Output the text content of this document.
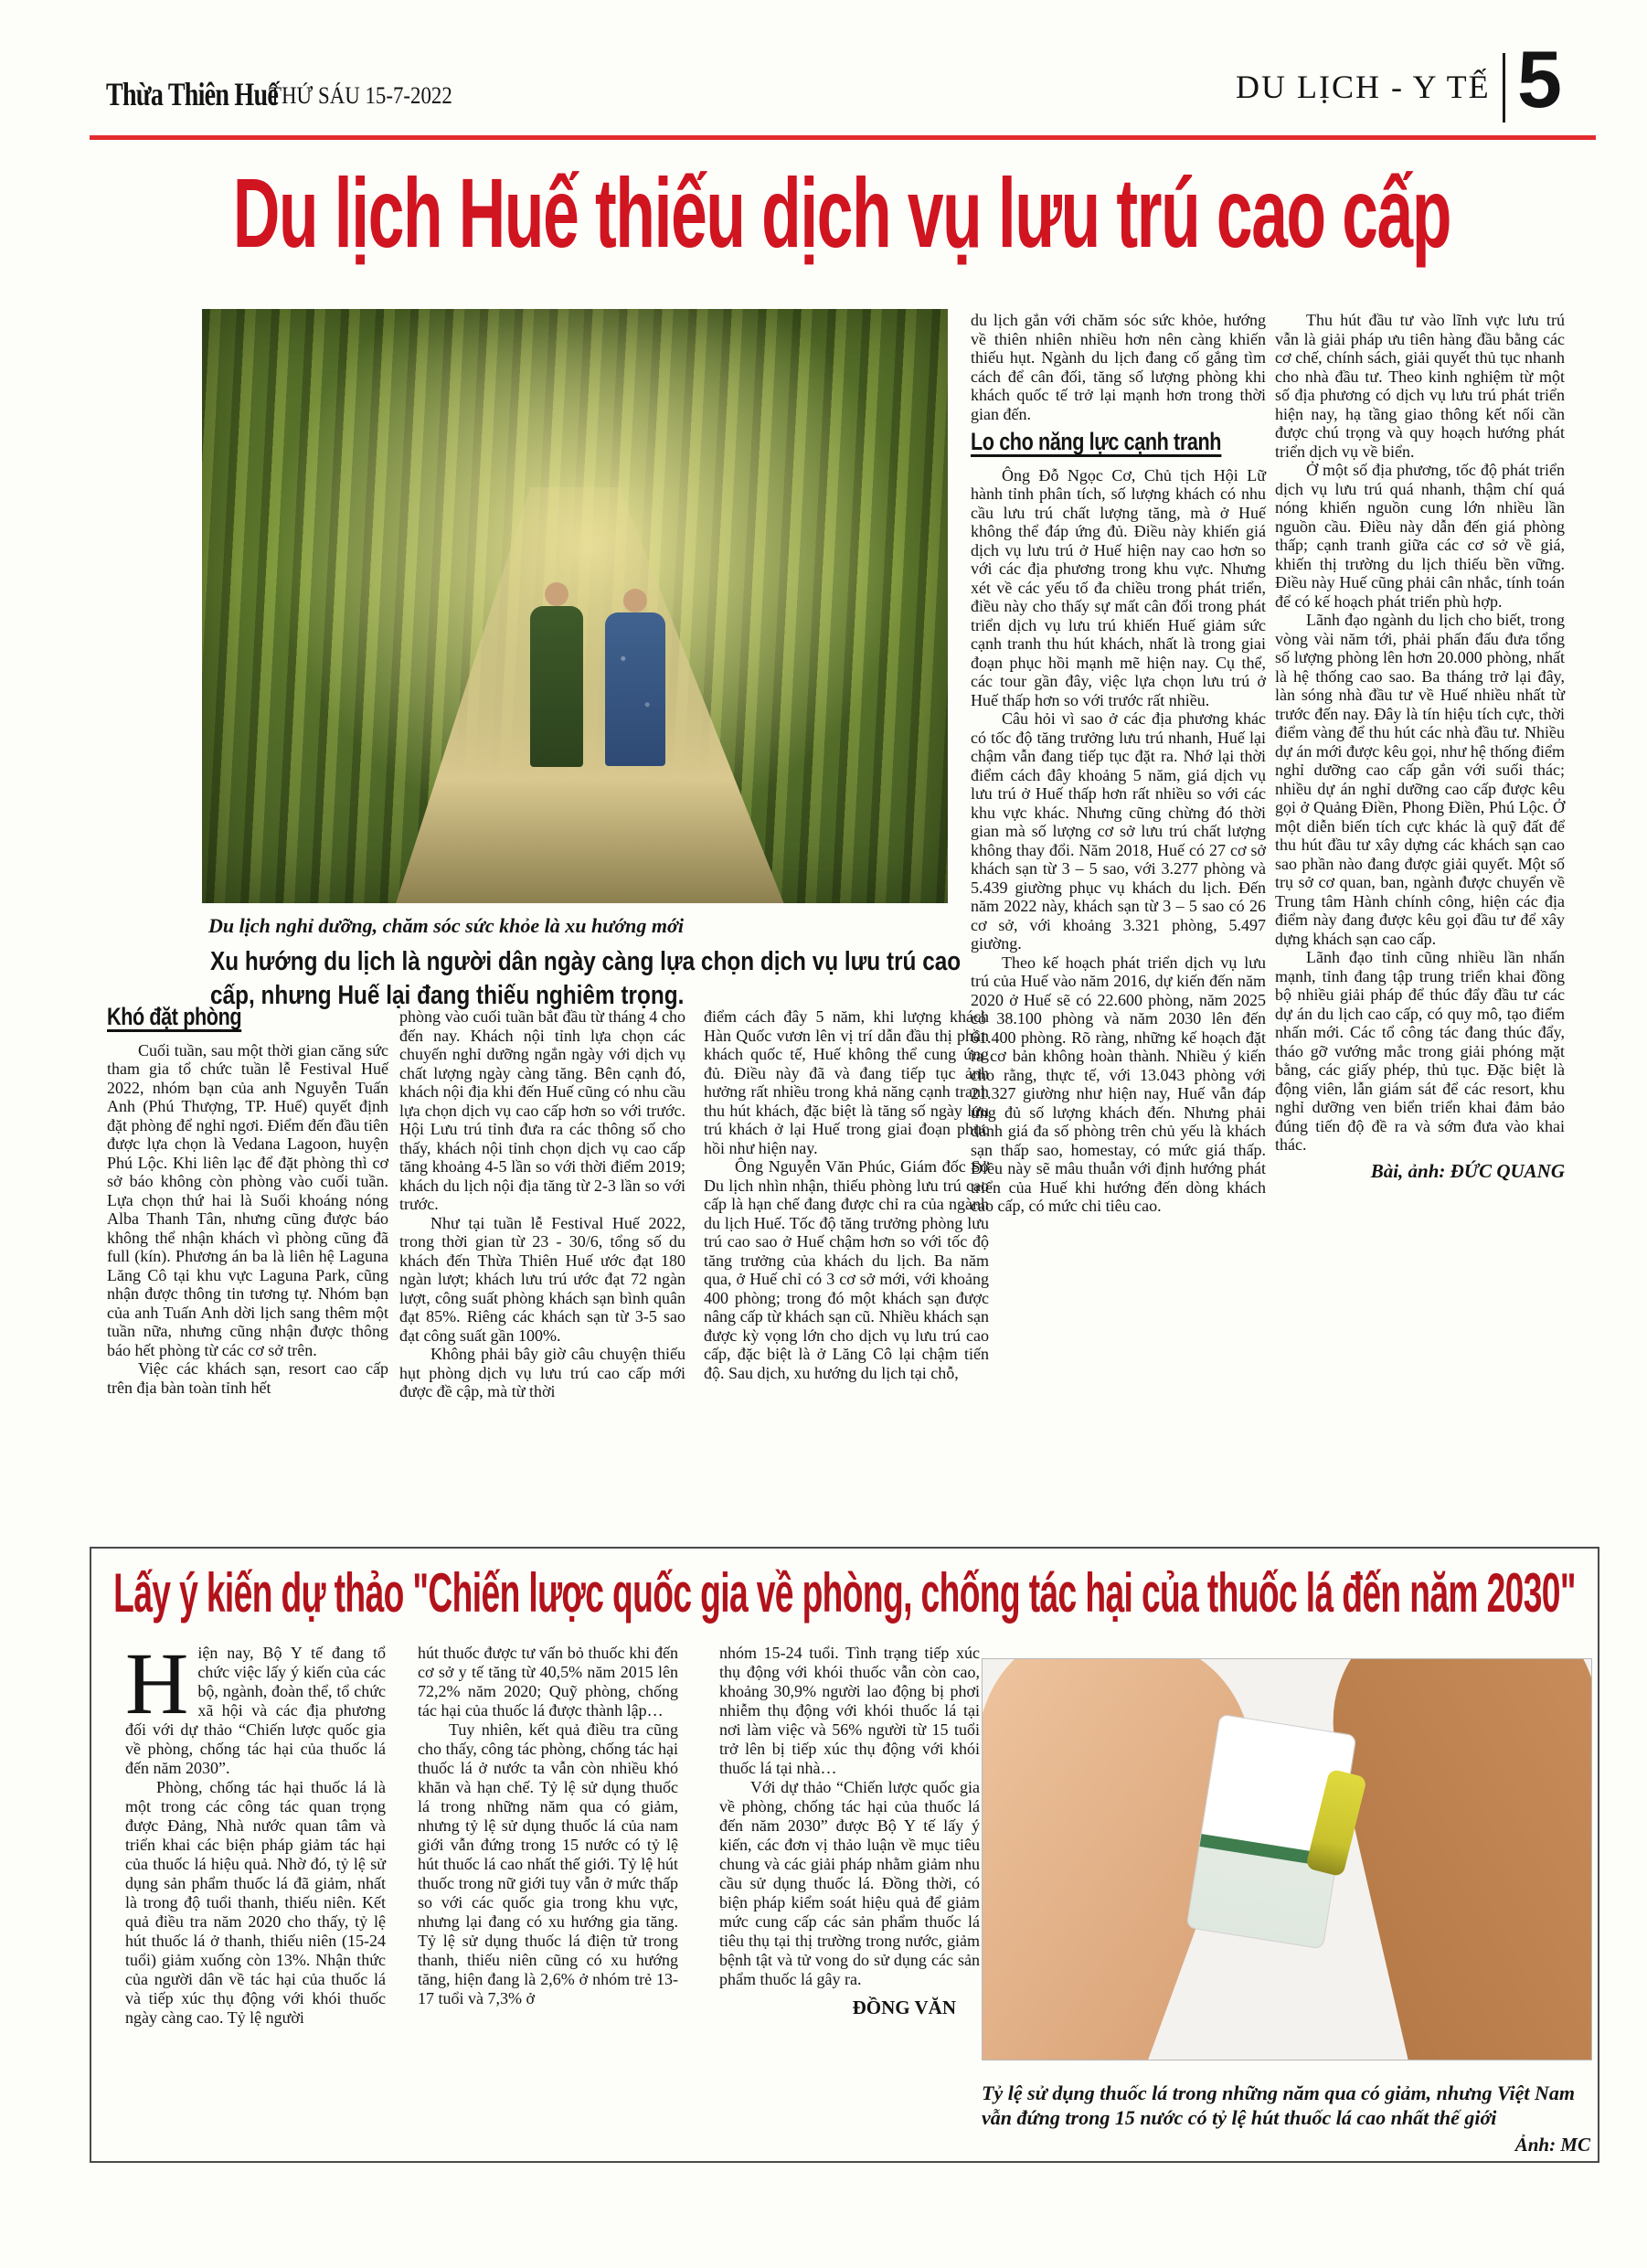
Thừa Thiên Huế
THỨ SÁU 15-7-2022	DU LỊCH - Y TẾ 5
Du lịch Huế thiếu dịch vụ lưu trú cao cấp
Du lịch nghỉ dưỡng, chăm sóc sức khỏe là xu hướng mới
Xu hướng du lịch là người dân ngày càng lựa chọn dịch vụ lưu trú cao cấp, nhưng Huế lại đang thiếu nghiêm trọng.
Khó đặt phòng

Cuối tuần, sau một thời gian căng sức tham gia tổ chức tuần lễ Festival Huế 2022, nhóm bạn của anh Nguyễn Tuấn Anh (Phú Thượng, TP. Huế) quyết định đặt phòng để nghỉ ngơi. Điểm đến đầu tiên được lựa chọn là Vedana Lagoon, huyện Phú Lộc. Khi liên lạc để đặt phòng thì cơ sở báo không còn phòng vào cuối tuần. Lựa chọn thứ hai là Suối khoáng nóng Alba Thanh Tân, nhưng cũng được báo không thể nhận khách vì phòng cũng đã full (kín). Phương án ba là liên hệ Laguna Lăng Cô tại khu vực Laguna Park, cũng nhận được thông tin tương tự. Nhóm bạn của anh Tuấn Anh dời lịch sang thêm một tuần nữa, nhưng cũng nhận được thông báo hết phòng từ các cơ sở trên.

Việc các khách sạn, resort cao cấp trên địa bàn toàn tỉnh hết

phòng vào cuối tuần bắt đầu từ tháng 4 cho đến nay. Khách nội tỉnh lựa chọn các chuyến nghỉ dưỡng ngắn ngày với dịch vụ chất lượng ngày càng tăng. Bên cạnh đó, khách nội địa khi đến Huế cũng có nhu cầu lựa chọn dịch vụ cao cấp hơn so với trước. Hội Lưu trú tỉnh đưa ra các thông số cho thấy, khách nội tỉnh chọn dịch vụ cao cấp tăng khoảng 4-5 lần so với thời điểm 2019; khách du lịch nội địa tăng từ 2-3 lần so với trước.

Như tại tuần lễ Festival Huế 2022, trong thời gian từ 23 - 30/6, tổng số du khách đến Thừa Thiên Huế ước đạt 180 ngàn lượt; khách lưu trú ước đạt 72 ngàn lượt, công suất phòng khách sạn bình quân đạt 85%. Riêng các khách sạn từ 3-5 sao đạt công suất gần 100%.

Không phải bây giờ câu chuyện thiếu hụt phòng dịch vụ lưu trú cao cấp mới được đề cập, mà từ thời

điểm cách đây 5 năm, khi lượng khách Hàn Quốc vươn lên vị trí dẫn đầu thị phần khách quốc tế, Huế không thể cung ứng đủ. Điều này đã và đang tiếp tục ảnh hưởng rất nhiều trong khả năng cạnh tranh thu hút khách, đặc biệt là tăng số ngày lưu trú khách ở lại Huế trong giai đoạn phục hồi như hiện nay.

Ông Nguyễn Văn Phúc, Giám đốc Sở Du lịch nhìn nhận, thiếu phòng lưu trú cao cấp là hạn chế đang được chỉ ra của ngành du lịch Huế. Tốc độ tăng trưởng phòng lưu trú cao sao ở Huế chậm hơn so với tốc độ tăng trưởng của khách du lịch. Ba năm qua, ở Huế chỉ có 3 cơ sở mới, với khoảng 400 phòng; trong đó một khách sạn được nâng cấp từ khách sạn cũ. Nhiều khách sạn được kỳ vọng lớn cho dịch vụ lưu trú cao cấp, đặc biệt là ở Lăng Cô lại chậm tiến độ. Sau dịch, xu hướng du lịch tại chỗ,

du lịch gắn với chăm sóc sức khỏe, hướng về thiên nhiên nhiều hơn nên càng khiến thiếu hụt. Ngành du lịch đang cố gắng tìm cách để cân đối, tăng số lượng phòng khi khách quốc tế trở lại mạnh hơn trong thời gian đến.

Lo cho năng lực cạnh tranh

Ông Đỗ Ngọc Cơ, Chủ tịch Hội Lữ hành tỉnh phân tích, số lượng khách có nhu cầu lưu trú chất lượng tăng, mà ở Huế không thể đáp ứng đủ. Điều này khiến giá dịch vụ lưu trú ở Huế hiện nay cao hơn so với các địa phương trong khu vực. Nhưng xét về các yếu tố đa chiều trong phát triển, điều này cho thấy sự mất cân đối trong phát triển dịch vụ lưu trú khiến Huế giảm sức cạnh tranh thu hút khách, nhất là trong giai đoạn phục hồi mạnh mẽ hiện nay. Cụ thể, các tour gần đây, việc lựa chọn lưu trú ở Huế thấp hơn so với trước rất nhiều.

Câu hỏi vì sao ở các địa phương khác có tốc độ tăng trưởng lưu trú nhanh, Huế lại chậm vẫn đang tiếp tục đặt ra. Nhớ lại thời điểm cách đây khoảng 5 năm, giá dịch vụ lưu trú ở Huế thấp hơn rất nhiều so với các khu vực khác. Nhưng cũng chừng đó thời gian mà số lượng cơ sở lưu trú chất lượng không thay đổi. Năm 2018, Huế có 27 cơ sở khách sạn từ 3 – 5 sao, với 3.277 phòng và 5.439 giường phục vụ khách du lịch. Đến năm 2022 này, khách sạn từ 3 – 5 sao có 26 cơ sở, với khoảng 3.321 phòng, 5.497 giường.

Theo kế hoạch phát triển dịch vụ lưu trú của Huế vào năm 2016, dự kiến đến năm 2020 ở Huế sẽ có 22.600 phòng, năm 2025 có 38.100 phòng và năm 2030 lên đến 61.400 phòng. Rõ ràng, những kế hoạch đặt ra cơ bản không hoàn thành. Nhiều ý kiến cho rằng, thực tế, với 13.043 phòng với 21.327 giường như hiện nay, Huế vẫn đáp ứng đủ số lượng khách đến. Nhưng phải đánh giá đa số phòng trên chủ yếu là khách sạn thấp sao, homestay, có mức giá thấp. Điều này sẽ mâu thuẫn với định hướng phát triển của Huế khi hướng đến dòng khách cao cấp, có mức chi tiêu cao.

Thu hút đầu tư vào lĩnh vực lưu trú vẫn là giải pháp ưu tiên hàng đầu bằng các cơ chế, chính sách, giải quyết thủ tục nhanh cho nhà đầu tư. Theo kinh nghiệm từ một số địa phương có dịch vụ lưu trú phát triển hiện nay, hạ tầng giao thông kết nối cần được chú trọng và quy hoạch hướng phát triển dịch vụ về biển.

Ở một số địa phương, tốc độ phát triển dịch vụ lưu trú quá nhanh, thậm chí quá nóng khiến nguồn cung lớn nhiều lần nguồn cầu. Điều này dẫn đến giá phòng thấp; cạnh tranh giữa các cơ sở về giá, khiến thị trường du lịch thiếu bền vững. Điều này Huế cũng phải cân nhắc, tính toán để có kế hoạch phát triển phù hợp.

Lãnh đạo ngành du lịch cho biết, trong vòng vài năm tới, phải phấn đấu đưa tổng số lượng phòng lên hơn 20.000 phòng, nhất là hệ thống cao sao. Ba tháng trở lại đây, làn sóng nhà đầu tư về Huế nhiều nhất từ trước đến nay. Đây là tín hiệu tích cực, thời điểm vàng để thu hút các nhà đầu tư. Nhiều dự án mới được kêu gọi, như hệ thống điểm nghỉ dưỡng cao cấp gắn với suối thác; nhiều dự án nghỉ dưỡng cao cấp được kêu gọi ở Quảng Điền, Phong Điền, Phú Lộc. Ở một diễn biến tích cực khác là quỹ đất để thu hút đầu tư xây dựng các khách sạn cao sao phần nào đang được giải quyết. Một số trụ sở cơ quan, ban, ngành được chuyển về Trung tâm Hành chính công, hiện các địa điểm này đang được kêu gọi đầu tư để xây dựng khách sạn cao cấp.

Lãnh đạo tỉnh cũng nhiều lần nhấn mạnh, tỉnh đang tập trung triển khai đồng bộ nhiều giải pháp để thúc đẩy đầu tư các dự án du lịch cao cấp, có quy mô, tạo điểm nhấn mới. Các tổ công tác đang thúc đẩy, tháo gỡ vướng mắc trong giải phóng mặt bằng, các giấy phép, thủ tục. Đặc biệt là động viên, lẫn giám sát để các resort, khu nghỉ dưỡng ven biển triển khai đảm bảo đúng tiến độ đề ra và sớm đưa vào khai thác.

Bài, ảnh: ĐỨC QUANG
Lấy ý kiến dự thảo "Chiến lược quốc gia về phòng, chống tác hại của thuốc lá đến năm 2030"

Hiện nay, Bộ Y tế đang tổ chức việc lấy ý kiến của các bộ, ngành, đoàn thể, tổ chức xã hội và các địa phương đối với dự thảo “Chiến lược quốc gia về phòng, chống tác hại của thuốc lá đến năm 2030”.

Phòng, chống tác hại thuốc lá là một trong các công tác quan trọng được Đảng, Nhà nước quan tâm và triển khai các biện pháp giảm tác hại của thuốc lá hiệu quả. Nhờ đó, tỷ lệ sử dụng sản phẩm thuốc lá đã giảm, nhất là trong độ tuổi thanh, thiếu niên. Kết quả điều tra năm 2020 cho thấy, tỷ lệ hút thuốc lá ở thanh, thiếu niên (15-24 tuổi) giảm xuống còn 13%. Nhận thức của người dân về tác hại của thuốc lá và tiếp xúc thụ động với khói thuốc ngày càng cao. Tỷ lệ người

hút thuốc được tư vấn bỏ thuốc khi đến cơ sở y tế tăng từ 40,5% năm 2015 lên 72,2% năm 2020; Quỹ phòng, chống tác hại của thuốc lá được thành lập…

Tuy nhiên, kết quả điều tra cũng cho thấy, công tác phòng, chống tác hại thuốc lá ở nước ta vẫn còn nhiều khó khăn và hạn chế. Tỷ lệ sử dụng thuốc lá trong những năm qua có giảm, nhưng tỷ lệ sử dụng thuốc lá của nam giới vẫn đứng trong 15 nước có tỷ lệ hút thuốc lá cao nhất thế giới. Tỷ lệ hút thuốc trong nữ giới tuy vẫn ở mức thấp so với các quốc gia trong khu vực, nhưng lại đang có xu hướng gia tăng. Tỷ lệ sử dụng thuốc lá điện tử trong thanh, thiếu niên cũng có xu hướng tăng, hiện đang là 2,6% ở nhóm trẻ 13-17 tuổi và 7,3% ở

nhóm 15-24 tuổi. Tình trạng tiếp xúc thụ động với khói thuốc vẫn còn cao, khoảng 30,9% người lao động bị phơi nhiễm thụ động với khói thuốc lá tại nơi làm việc và 56% người từ 15 tuổi trở lên bị tiếp xúc thụ động với khói thuốc lá tại nhà…

Với dự thảo “Chiến lược quốc gia về phòng, chống tác hại của thuốc lá đến năm 2030” được Bộ Y tế lấy ý kiến, các đơn vị thảo luận về mục tiêu chung và các giải pháp nhằm giảm nhu cầu sử dụng thuốc lá. Đồng thời, có biện pháp kiểm soát hiệu quả để giảm mức cung cấp các sản phẩm thuốc lá tiêu thụ tại thị trường trong nước, giảm bệnh tật và tử vong do sử dụng các sản phẩm thuốc lá gây ra.

ĐỒNG VĂN
Tỷ lệ sử dụng thuốc lá trong những năm qua có giảm, nhưng Việt Nam vẫn đứng trong 15 nước có tỷ lệ hút thuốc lá cao nhất thế giới
Ảnh: MC
